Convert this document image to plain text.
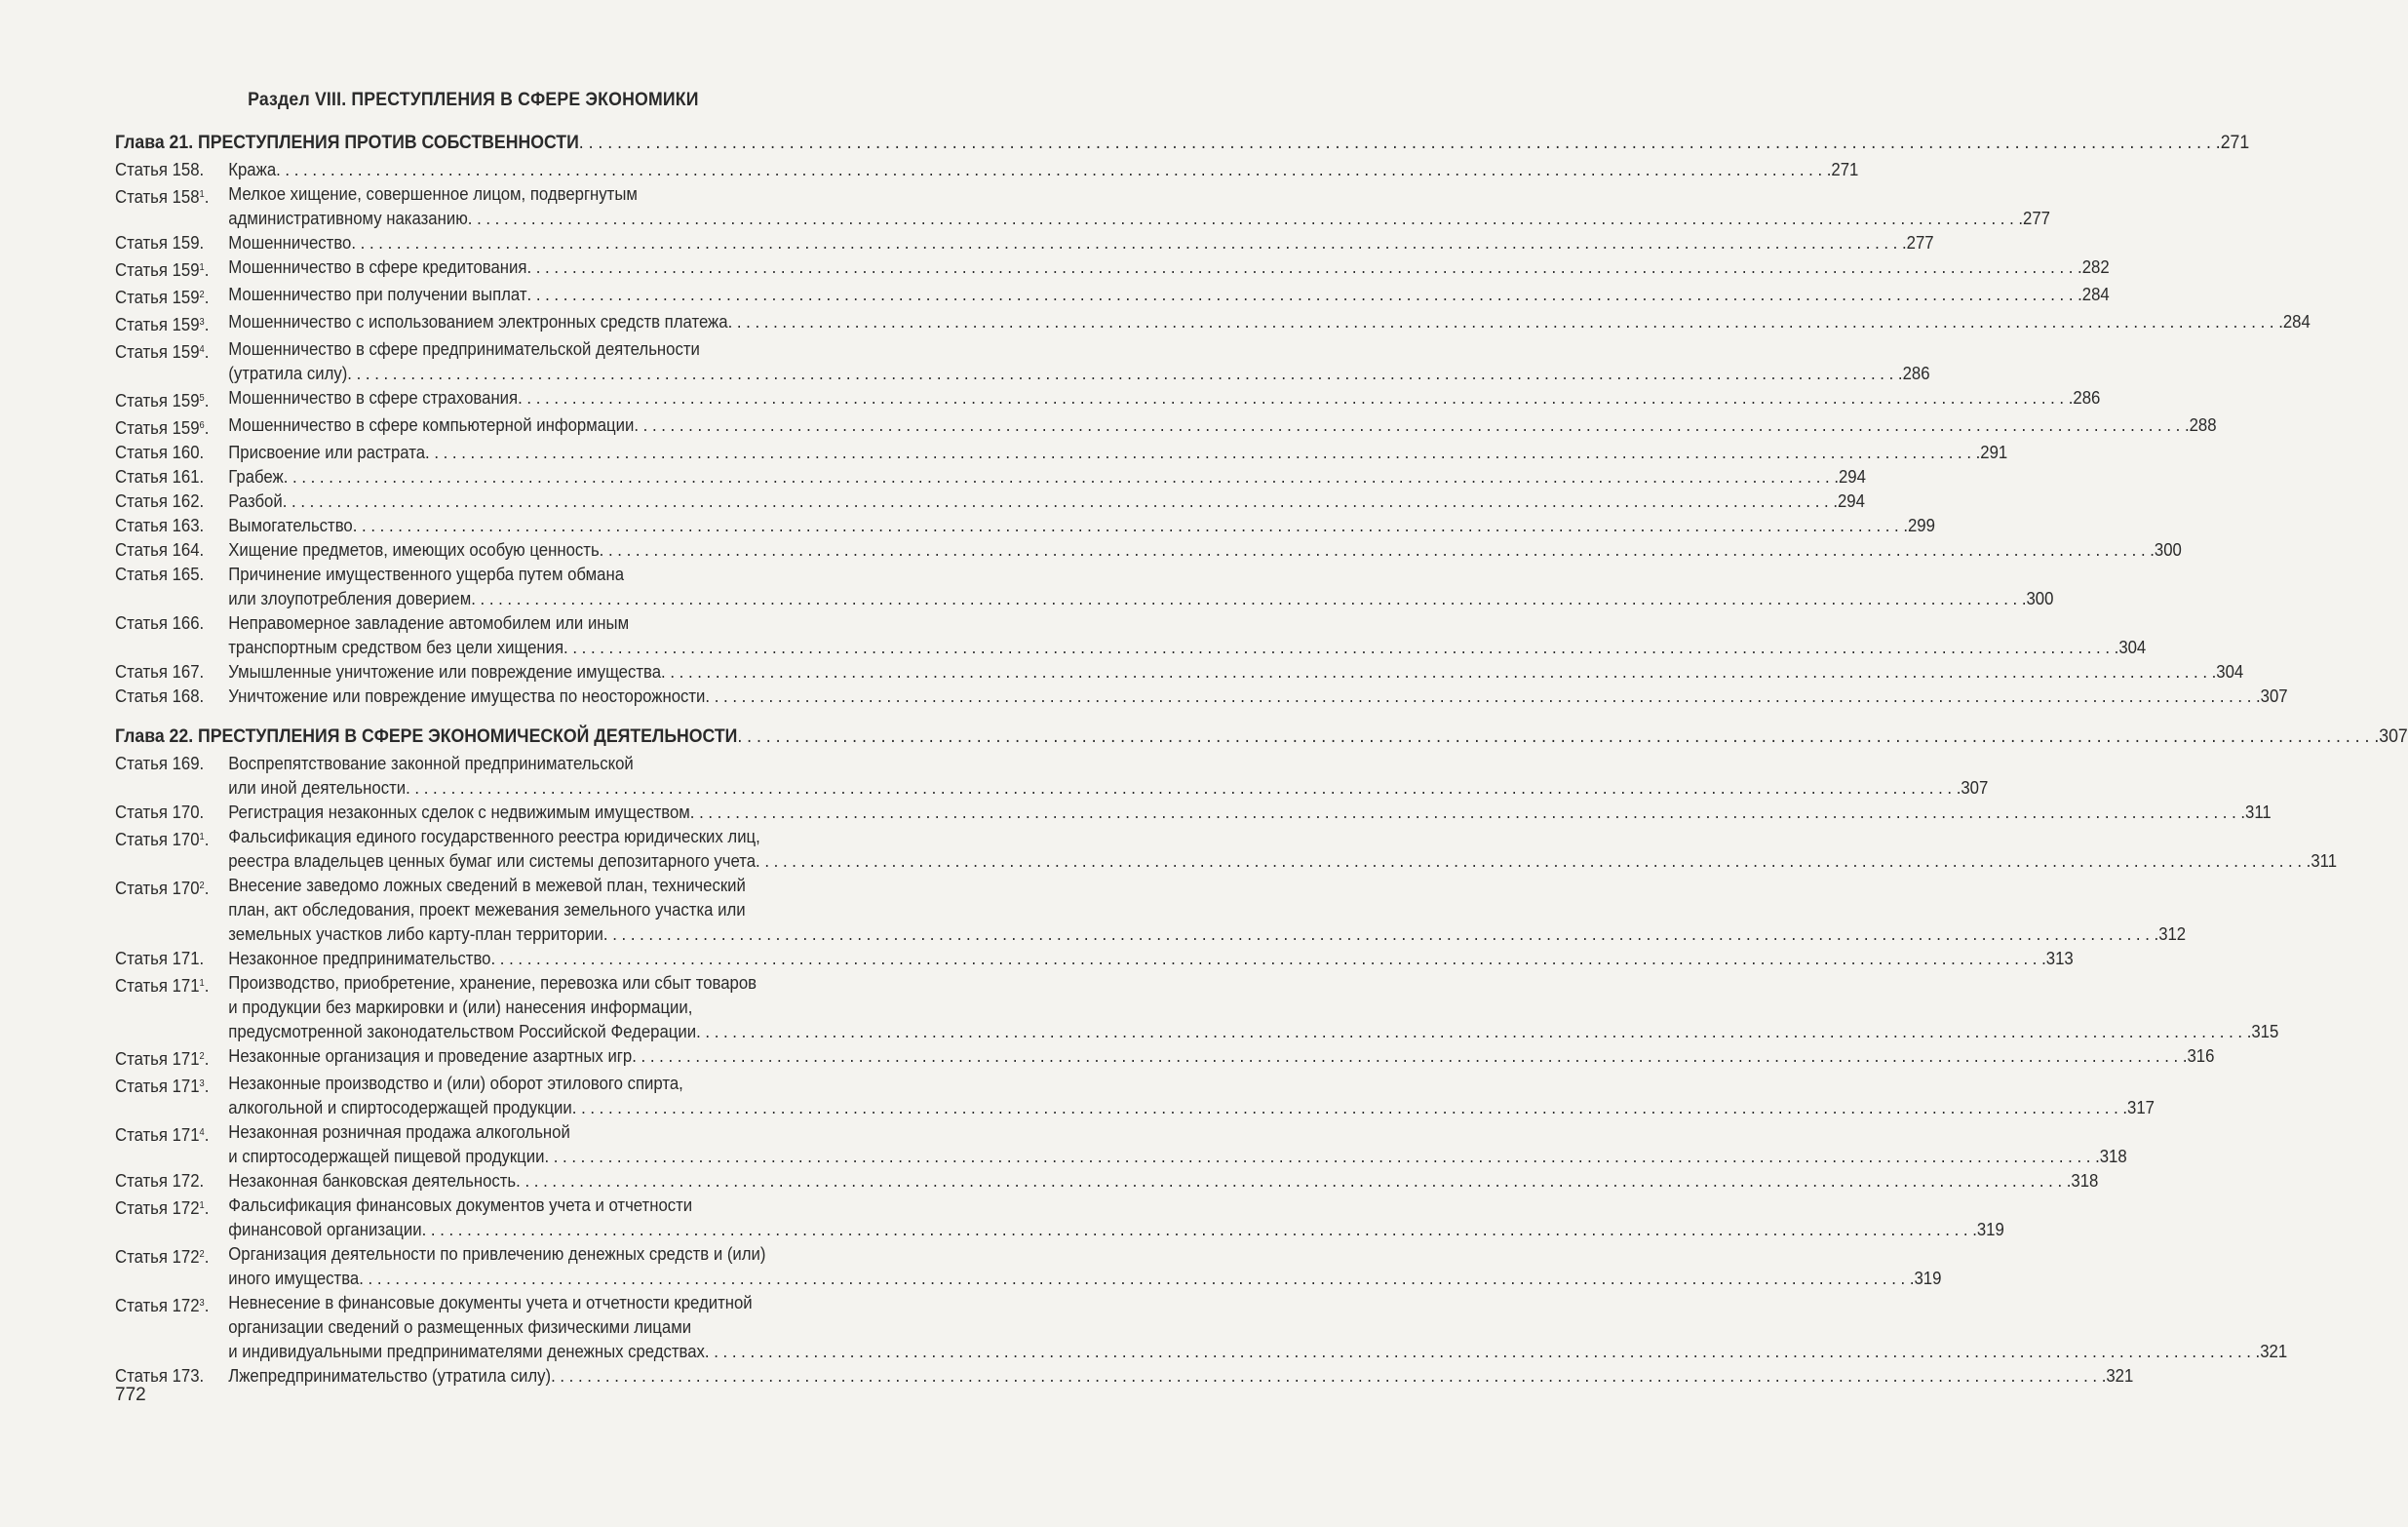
Раздел VIII. ПРЕСТУПЛЕНИЯ В СФЕРЕ ЭКОНОМИКИ
Глава 21. ПРЕСТУПЛЕНИЯ ПРОТИВ СОБСТВЕННОСТИ . . .	271
Статья 158.	Кража . . .	271
Статья $158^1$.	Мелкое хищение, совершенное лицом, подвергнутым
административному наказанию . . .	277
Статья 159.	Мошенничество . . .	277
Статья $159^1$.	Мошенничество в сфере кредитования . . .	282
Статья $159^2$.	Мошенничество при получении выплат . . .	284
Статья $159^3$.	Мошенничество с использованием электронных средств платежа . . .	284
Статья $159^4$.	Мошенничество в сфере предпринимательской деятельности
(утратила силу) . . .	286
Статья $159^5$.	Мошенничество в сфере страхования . . .	286
Статья $159^6$.	Мошенничество в сфере компьютерной информации . . .	288
Статья 160.	Присвоение или растрата . . .	291
Статья 161.	Грабеж . . .	294
Статья 162.	Разбой . . .	294
Статья 163.	Вымогательство . . .	299
Статья 164.	Хищение предметов, имеющих особую ценность . . .	300
Статья 165.	Причинение имущественного ущерба путем обмана
или злоупотребления доверием . . .	300
Статья 166.	Неправомерное завладение автомобилем или иным
транспортным средством без цели хищения . . .	304
Статья 167.	Умышленные уничтожение или повреждение имущества . . .	304
Статья 168.	Уничтожение или повреждение имущества по неосторожности . . .	307
Глава 22. ПРЕСТУПЛЕНИЯ В СФЕРЕ ЭКОНОМИЧЕСКОЙ ДЕЯТЕЛЬНОСТИ . . .	307
Статья 169.	Воспрепятствование законной предпринимательской
или иной деятельности . . .	307
Статья 170.	Регистрация незаконных сделок с недвижимым имуществом . . .	311
Статья $170^1$.	Фальсификация единого государственного реестра юридических лиц,
реестра владельцев ценных бумаг или системы депозитарного учета . . .	311
Статья $170^2$.	Внесение заведомо ложных сведений в межевой план, технический
план, акт обследования, проект межевания земельного участка или
земельных участков либо карту-план территории . . .	312
Статья 171.	Незаконное предпринимательство . . .	313
Статья $171^1$.	Производство, приобретение, хранение, перевозка или сбыт товаров
и продукции без маркировки и (или) нанесения информации,
предусмотренной законодательством Российской Федерации . . .	315
Статья $171^2$.	Незаконные организация и проведение азартных игр . . .	316
Статья $171^3$.	Незаконные производство и (или) оборот этилового спирта,
алкогольной и спиртосодержащей продукции . . .	317
Статья $171^4$.	Незаконная розничная продажа алкогольной
и спиртосодержащей пищевой продукции . . .	318
Статья 172.	Незаконная банковская деятельность . . .	318
Статья $172^1$.	Фальсификация финансовых документов учета и отчетности
финансовой организации . . .	319
Статья $172^2$.	Организация деятельности по привлечению денежных средств и (или)
иного имущества . . .	319
Статья $172^3$.	Невнесение в финансовые документы учета и отчетности кредитной
организации сведений о размещенных физическими лицами
и индивидуальными предпринимателями денежных средствах . . .	321
Статья 173.	Лжепредпринимательство (утратила силу) . . .	321
772
